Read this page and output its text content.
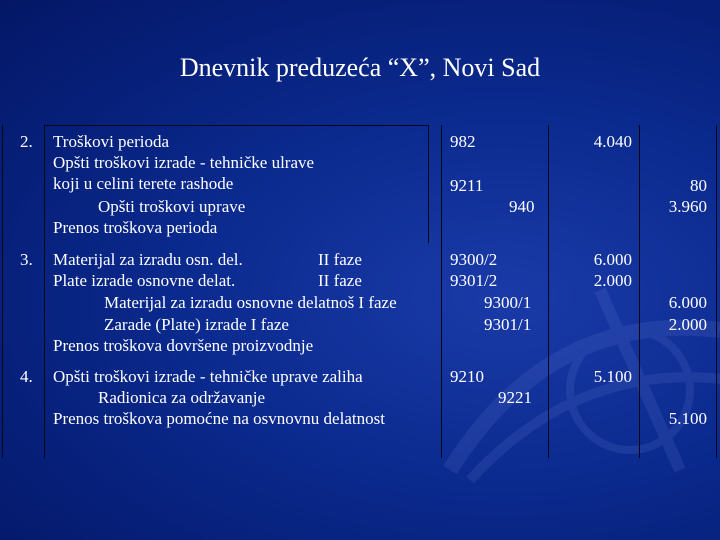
Dnevnik preduzeća “X”, Novi Sad
2. Troškovi perioda
Opšti troškovi izrade - tehničke ulrave
koji u celini terete rashode
Opšti troškovi uprave
Prenos troškova perioda
982
9211
940
4.040
80
3.960
3. Materijal za izradu osn. del.	II faze
Plate izrade osnovne delat.	II faze
Materijal za izradu osnovne delatnoš I faze
Zarade (Plate) izrade I faze
Prenos troškova dovršene proizvodnje
9300/2
9301/2
9300/1
9301/1
6.000
2.000
6.000
2.000
4. Opšti troškovi izrade - tehničke uprave zaliha
Radionica za održavanje
Prenos troškova pomoćne na osvnovnu delatnost
9210
9221
5.100
5.100
